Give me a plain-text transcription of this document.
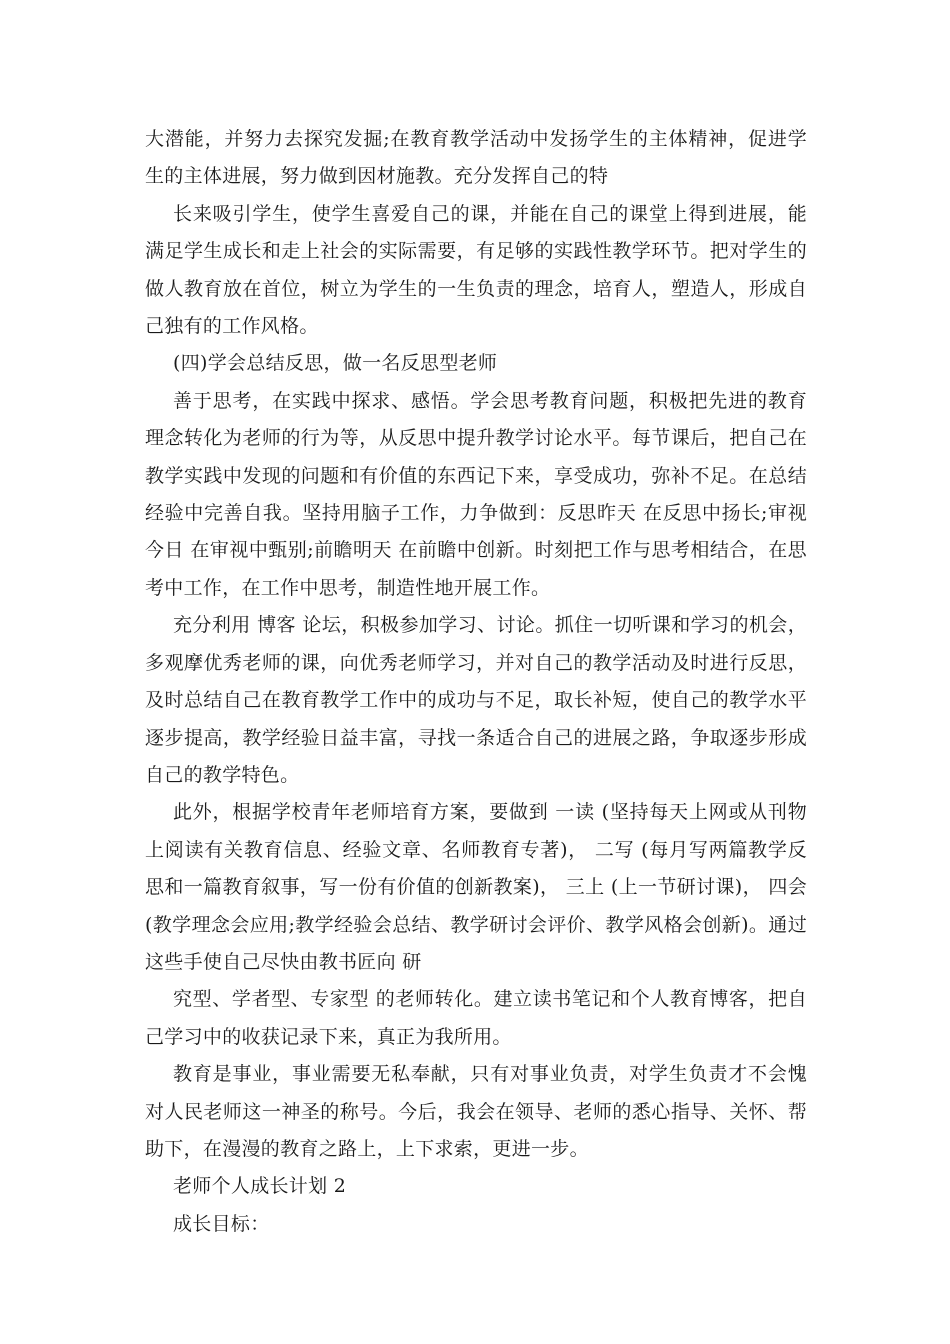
大潜能，并努力去探究发掘;在教育教学活动中发扬学生的主体精神，促进学生的主体进展，努力做到因材施教。充分发挥自己的特

长来吸引学生，使学生喜爱自己的课，并能在自己的课堂上得到进展，能满足学生成长和走上社会的实际需要，有足够的实践性教学环节。把对学生的做人教育放在首位，树立为学生的一生负责的理念，培育人，塑造人，形成自己独有的工作风格。

(四)学会总结反思，做一名反思型老师

善于思考，在实践中探求、感悟。学会思考教育问题，积极把先进的教育理念转化为老师的行为等，从反思中提升教学讨论水平。每节课后，把自己在教学实践中发现的问题和有价值的东西记下来，享受成功，弥补不足。在总结经验中完善自我。坚持用脑子工作，力争做到：反思昨天 在反思中扬长;审视今日 在审视中甄别;前瞻明天 在前瞻中创新。时刻把工作与思考相结合，在思考中工作，在工作中思考，制造性地开展工作。

充分利用 博客 论坛，积极参加学习、讨论。抓住一切听课和学习的机会，多观摩优秀老师的课，向优秀老师学习，并对自己的教学活动及时进行反思，及时总结自己在教育教学工作中的成功与不足，取长补短，使自己的教学水平逐步提高，教学经验日益丰富，寻找一条适合自己的进展之路，争取逐步形成自己的教学特色。

此外，根据学校青年老师培育方案，要做到 一读 (坚持每天上网或从刊物上阅读有关教育信息、经验文章、名师教育专著)， 二写 (每月写两篇教学反思和一篇教育叙事，写一份有价值的创新教案)， 三上 (上一节研讨课)， 四会 (教学理念会应用;教学经验会总结、教学研讨会评价、教学风格会创新)。通过这些手使自己尽快由教书匠向 研

究型、学者型、专家型 的老师转化。建立读书笔记和个人教育博客，把自己学习中的收获记录下来，真正为我所用。

教育是事业，事业需要无私奉献，只有对事业负责，对学生负责才不会愧对人民老师这一神圣的称号。今后，我会在领导、老师的悉心指导、关怀、帮助下，在漫漫的教育之路上，上下求索，更进一步。

老师个人成长计划 2

成长目标：
